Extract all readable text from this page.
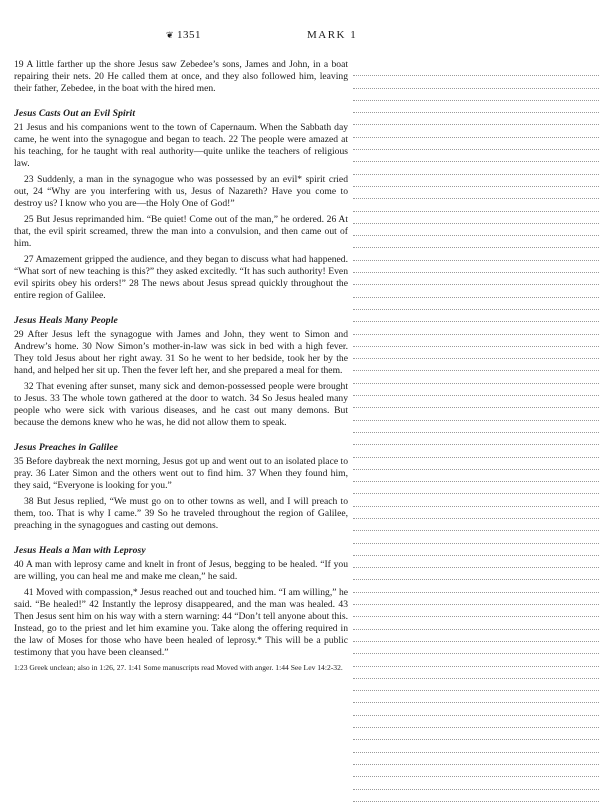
❦ 1351	MARK 1

19 A little farther up the shore Jesus saw Zebedee’s sons, James and John, in a boat repairing their nets. 20 He called them at once, and they also followed him, leaving their father, Zebedee, in the boat with the hired men.

Jesus Casts Out an Evil Spirit

21 Jesus and his companions went to the town of Capernaum. When the Sabbath day came, he went into the synagogue and began to teach. 22 The people were amazed at his teaching, for he taught with real authority—quite unlike the teachers of religious law.

23 Suddenly, a man in the synagogue who was possessed by an evil* spirit cried out, 24 “Why are you interfering with us, Jesus of Nazareth? Have you come to destroy us? I know who you are—the Holy One of God!”

25 But Jesus reprimanded him. “Be quiet! Come out of the man,” he ordered. 26 At that, the evil spirit screamed, threw the man into a convulsion, and then came out of him.

27 Amazement gripped the audience, and they began to discuss what had happened. “What sort of new teaching is this?” they asked excitedly. “It has such authority! Even evil spirits obey his orders!” 28 The news about Jesus spread quickly throughout the entire region of Galilee.

Jesus Heals Many People

29 After Jesus left the synagogue with James and John, they went to Simon and Andrew’s home. 30 Now Simon’s mother-in-law was sick in bed with a high fever. They told Jesus about her right away. 31 So he went to her bedside, took her by the hand, and helped her sit up. Then the fever left her, and she prepared a meal for them.

32 That evening after sunset, many sick and demon-possessed people were brought to Jesus. 33 The whole town gathered at the door to watch. 34 So Jesus healed many people who were sick with various diseases, and he cast out many demons. But because the demons knew who he was, he did not allow them to speak.

Jesus Preaches in Galilee

35 Before daybreak the next morning, Jesus got up and went out to an isolated place to pray. 36 Later Simon and the others went out to find him. 37 When they found him, they said, “Everyone is looking for you.”

38 But Jesus replied, “We must go on to other towns as well, and I will preach to them, too. That is why I came.” 39 So he traveled throughout the region of Galilee, preaching in the synagogues and casting out demons.

Jesus Heals a Man with Leprosy

40 A man with leprosy came and knelt in front of Jesus, begging to be healed. “If you are willing, you can heal me and make me clean,” he said.

41 Moved with compassion,* Jesus reached out and touched him. “I am willing,” he said. “Be healed!” 42 Instantly the leprosy disappeared, and the man was healed. 43 Then Jesus sent him on his way with a stern warning: 44 “Don’t tell anyone about this. Instead, go to the priest and let him examine you. Take along the offering required in the law of Moses for those who have been healed of leprosy.* This will be a public testimony that you have been cleansed.”

1:23 Greek unclean; also in 1:26, 27. 1:41 Some manuscripts read Moved with anger. 1:44 See Lev 14:2-32.
